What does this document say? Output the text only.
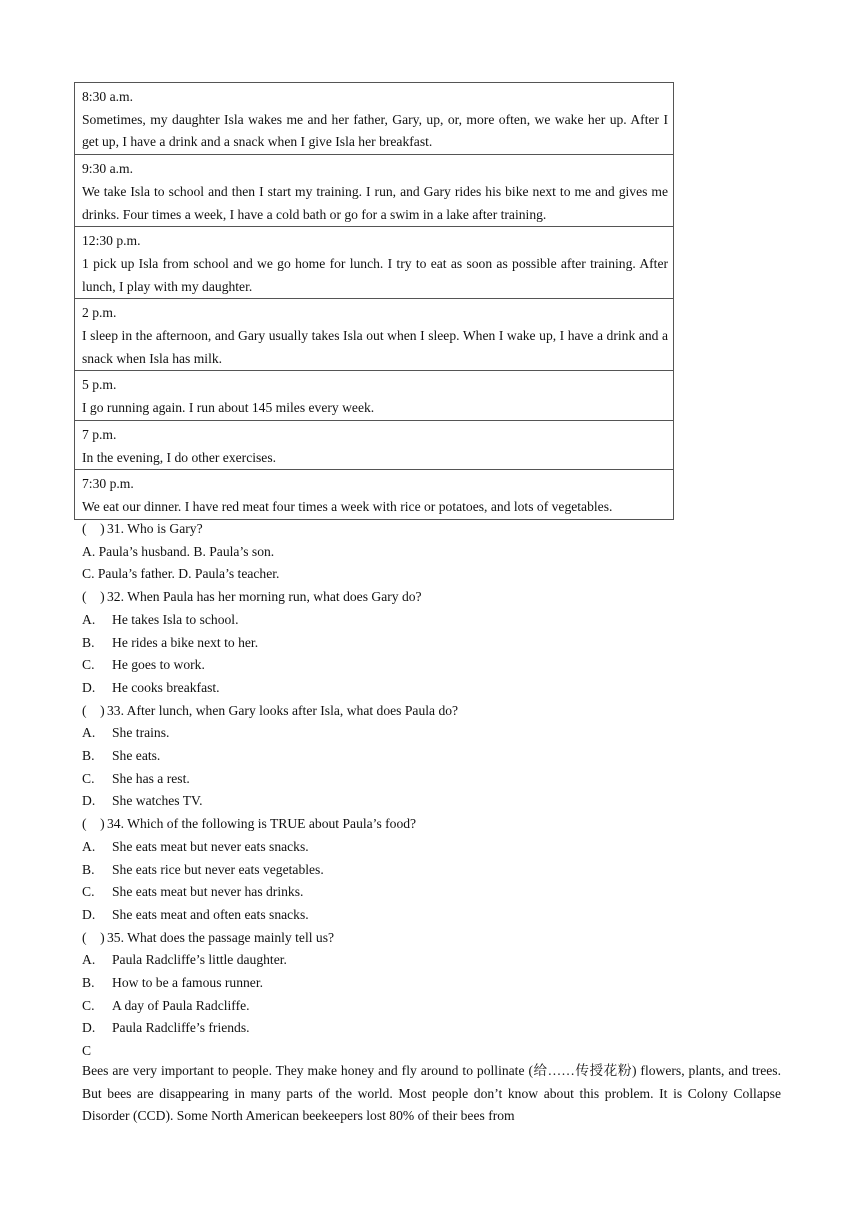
8:30 a.m.
Sometimes, my daughter Isla wakes me and her father, Gary, up, or, more often, we wake her up. After I get up, I have a drink and a snack when I give Isla her breakfast.

9:30 a.m.
We take Isla to school and then I start my training. I run, and Gary rides his bike next to me and gives me drinks. Four times a week, I have a cold bath or go for a swim in a lake after training.

12:30 p.m.
1 pick up Isla from school and we go home for lunch. I try to eat as soon as possible after training. After lunch, I play with my daughter.

2 p.m.
I sleep in the afternoon, and Gary usually takes Isla out when I sleep. When I wake up, I have a drink and a snack when Isla has milk.

5 p.m.
I go running again. I run about 145 miles every week.

7 p.m.
In the evening, I do other exercises.

7:30 p.m.
We eat our dinner. I have red meat four times a week with rice or potatoes, and lots of vegetables.
(    ) 31. Who is Gary?
A. Paula’s husband. B. Paula’s son.
C. Paula’s father. D. Paula’s teacher.
(    ) 32. When Paula has her morning run, what does Gary do?
A. He takes Isla to school.
B. He rides a bike next to her.
C. He goes to work.
D. He cooks breakfast.
(    ) 33. After lunch, when Gary looks after Isla, what does Paula do?
A. She trains.
B. She eats.
C. She has a rest.
D. She watches TV.
(    ) 34. Which of the following is TRUE about Paula’s food?
A. She eats meat but never eats snacks.
B. She eats rice but never eats vegetables.
C. She eats meat but never has drinks.
D. She eats meat and often eats snacks.
(    ) 35. What does the passage mainly tell us?
A. Paula Radcliffe’s little daughter.
B. How to be a famous runner.
C. A day of Paula Radcliffe.
D. Paula Radcliffe’s friends.
C
Bees are very important to people. They make honey and fly around to pollinate (给……传授花粉) flowers, plants, and trees. But bees are disappearing in many parts of the world. Most people don’t know about this problem. It is Colony Collapse Disorder (CCD). Some North American beekeepers lost 80% of their bees from
